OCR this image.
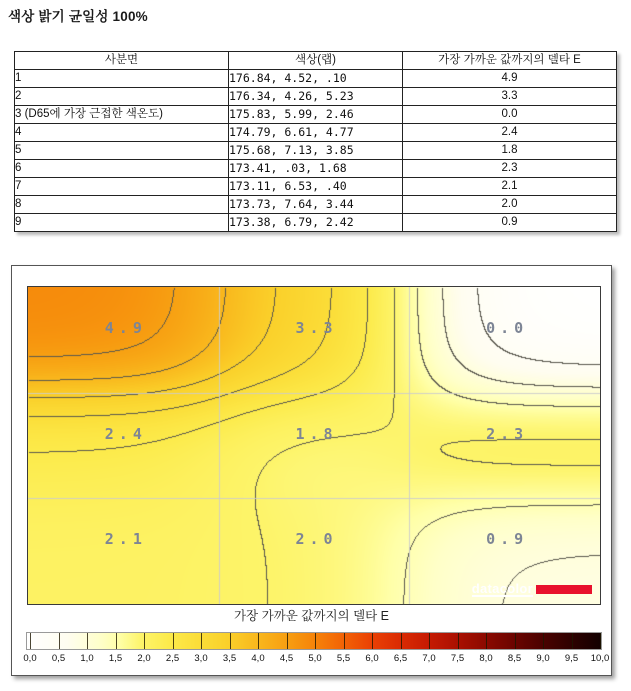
색상 밝기 균일성 100%
사분면	색상(랩)	가장 가까운 값까지의 델타 E
1	176.84, 4.52, .10	4.9
2	176.34, 4.26, 5.23	3.3
3 (D65에 가장 근접한 색온도)	175.83, 5.99, 2.46	0.0
4	174.79, 6.61, 4.77	2.4
5	175.68, 7.13, 3.85	1.8
6	173.41, .03, 1.68	2.3
7	173.11, 6.53, .40	2.1
8	173.73, 7.64, 3.44	2.0
9	173.38, 6.79, 2.42	0.9
datacolor
4.9	3.3	0.0
2.4	1.8	2.3
2.1	2.0	0.9
가장 가까운 값까지의 델타 E
0,0 0,5 1,0 1,5 2,0 2,5 3,0 3,5 4,0 4,5 5,0 5,5 6,0 6,5 7,0 7,5 8,0 8,5 9,0 9,5 10,0
